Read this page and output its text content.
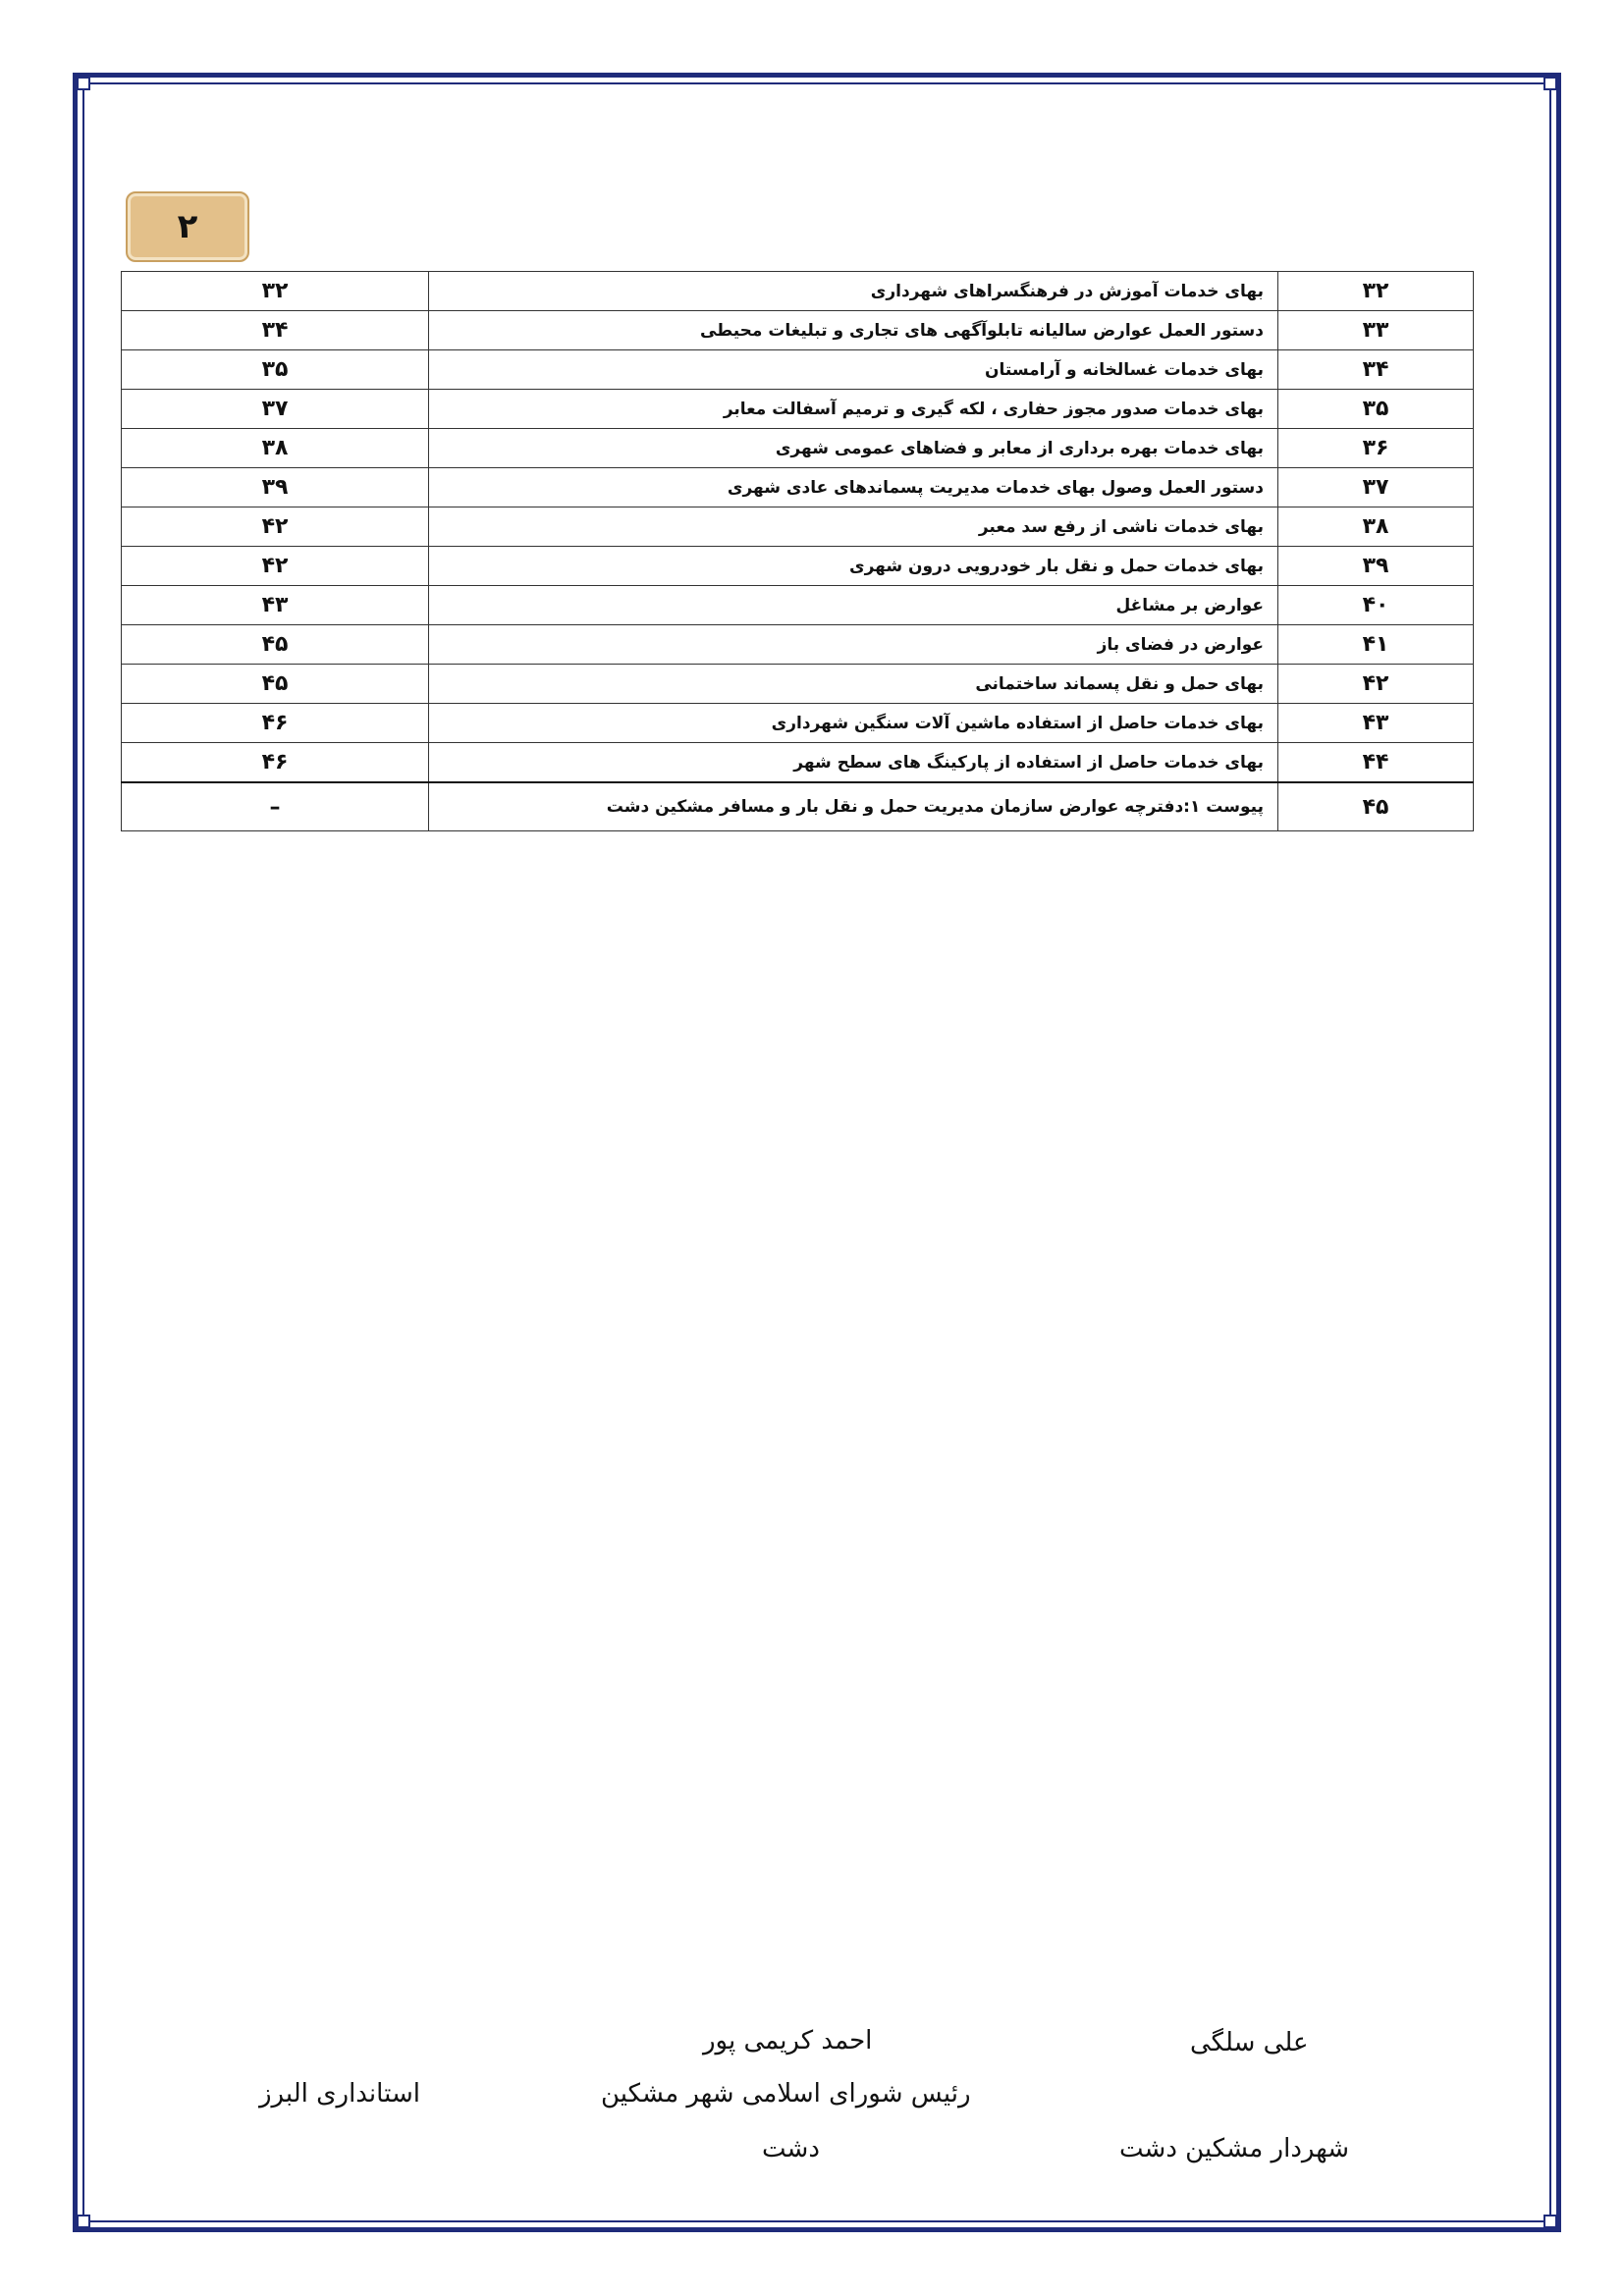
۲
۳۲	بهای خدمات آموزش در فرهنگسراهای شهرداری	۳۲
۳۳	دستور العمل عوارض سالیانه تابلوآگهی های تجاری و تبلیغات محیطی	۳۴
۳۴	بهای خدمات غسالخانه و آرامستان	۳۵
۳۵	بهای خدمات صدور مجوز حفاری ، لکه گیری و ترمیم آسفالت معابر	۳۷
۳۶	بهای خدمات بهره برداری از معابر و فضاهای عمومی شهری	۳۸
۳۷	دستور العمل وصول بهای خدمات مدیریت پسماندهای عادی شهری	۳۹
۳۸	بهای خدمات ناشی از رفع سد معبر	۴۲
۳۹	بهای خدمات حمل و نقل بار خودرویی درون شهری	۴۲
۴۰	عوارض بر مشاغل	۴۳
۴۱	عوارض در فضای باز	۴۵
۴۲	بهای حمل و نقل پسماند ساختمانی	۴۵
۴۳	بهای خدمات حاصل از استفاده ماشین آلات سنگین شهرداری	۴۶
۴۴	بهای خدمات حاصل از استفاده از پارکینگ های سطح شهر	۴۶
۴۵	پیوست ۱:دفترچه عوارض سازمان مدیریت حمل و نقل بار و مسافر مشکین دشت	–
علی سلگی
شهردار مشکین دشت
احمد کریمی پور
رئیس شورای اسلامی شهر مشکین
دشت
استانداری البرز
